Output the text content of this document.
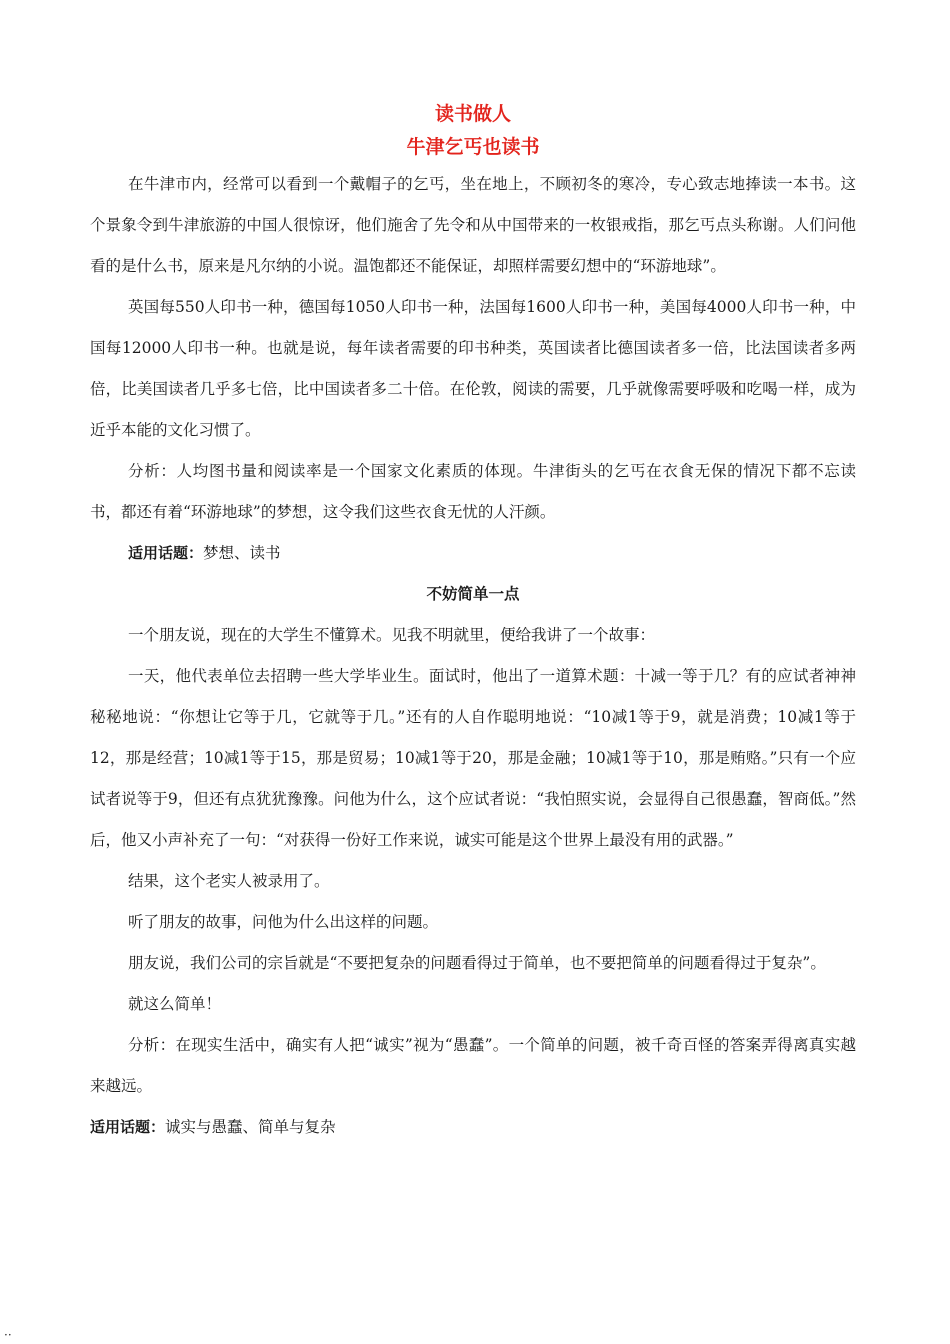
读书做人
牛津乞丐也读书

在牛津市内，经常可以看到一个戴帽子的乞丐，坐在地上，不顾初冬的寒冷，专心致志地捧读一本书。这个景象令到牛津旅游的中国人很惊讶，他们施舍了先令和从中国带来的一枚银戒指，那乞丐点头称谢。人们问他看的是什么书，原来是凡尔纳的小说。温饱都还不能保证，却照样需要幻想中的“环游地球”。

英国每550人印书一种，德国每1050人印书一种，法国每1600人印书一种，美国每4000人印书一种，中国每12000人印书一种。也就是说，每年读者需要的印书种类，英国读者比德国读者多一倍，比法国读者多两倍，比美国读者几乎多七倍，比中国读者多二十倍。在伦敦，阅读的需要，几乎就像需要呼吸和吃喝一样，成为近乎本能的文化习惯了。

分析：人均图书量和阅读率是一个国家文化素质的体现。牛津街头的乞丐在衣食无保的情况下都不忘读书，都还有着“环游地球”的梦想，这令我们这些衣食无忧的人汗颜。

适用话题：梦想、读书
不妨简单一点

一个朋友说，现在的大学生不懂算术。见我不明就里，便给我讲了一个故事：

一天，他代表单位去招聘一些大学毕业生。面试时，他出了一道算术题：十减一等于几？有的应试者神神秘秘地说：“你想让它等于几，它就等于几。”还有的人自作聪明地说：“10减1等于9，就是消费；10减1等于12，那是经营；10减1等于15，那是贸易；10减1等于20，那是金融；10减1等于10，那是贿赂。”只有一个应试者说等于9，但还有点犹犹豫豫。问他为什么，这个应试者说：“我怕照实说，会显得自己很愚蠢，智商低。”然后，他又小声补充了一句：“对获得一份好工作来说，诚实可能是这个世界上最没有用的武器。”

结果，这个老实人被录用了。

听了朋友的故事，问他为什么出这样的问题。

朋友说，我们公司的宗旨就是“不要把复杂的问题看得过于简单，也不要把简单的问题看得过于复杂”。

就这么简单！

分析：在现实生活中，确实有人把“诚实”视为“愚蠢”。一个简单的问题，被千奇百怪的答案弄得离真实越来越远。

适用话题：诚实与愚蠢、简单与复杂
··
